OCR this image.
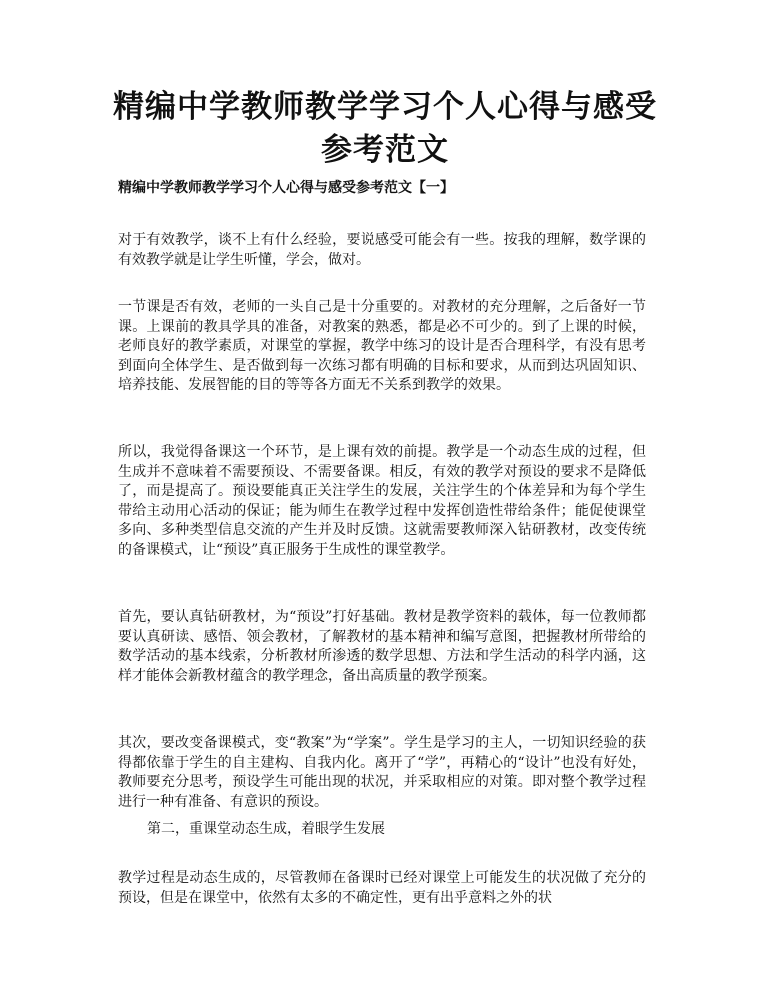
精编中学教师教学学习个人心得与感受
参考范文

精编中学教师教学学习个人心得与感受参考范文【一】

对于有效教学，谈不上有什么经验，要说感受可能会有一些。按我的理解，数学课的有效教学就是让学生听懂，学会，做对。

一节课是否有效，老师的一头自己是十分重要的。对教材的充分理解，之后备好一节课。上课前的教具学具的准备，对教案的熟悉，都是必不可少的。到了上课的时候，老师良好的教学素质，对课堂的掌握，教学中练习的设计是否合理科学，有没有思考到面向全体学生、是否做到每一次练习都有明确的目标和要求，从而到达巩固知识、培养技能、发展智能的目的等等各方面无不关系到教学的效果。

所以，我觉得备课这一个环节，是上课有效的前提。教学是一个动态生成的过程，但生成并不意味着不需要预设、不需要备课。相反，有效的教学对预设的要求不是降低了，而是提高了。预设要能真正关注学生的发展，关注学生的个体差异和为每个学生带给主动用心活动的保证；能为师生在教学过程中发挥创造性带给条件；能促使课堂多向、多种类型信息交流的产生并及时反馈。这就需要教师深入钻研教材，改变传统的备课模式，让“预设”真正服务于生成性的课堂教学。

首先，要认真钻研教材，为“预设”打好基础。教材是教学资料的载体，每一位教师都要认真研读、感悟、领会教材，了解教材的基本精神和编写意图，把握教材所带给的数学活动的基本线索，分析教材所渗透的数学思想、方法和学生活动的科学内涵，这样才能体会新教材蕴含的教学理念，备出高质量的教学预案。

其次，要改变备课模式，变“教案”为“学案”。学生是学习的主人，一切知识经验的获得都依靠于学生的自主建构、自我内化。离开了“学”，再精心的“设计”也没有好处，教师要充分思考，预设学生可能出现的状况，并采取相应的对策。即对整个教学过程进行一种有准备、有意识的预设。

第二，重课堂动态生成，着眼学生发展

教学过程是动态生成的，尽管教师在备课时已经对课堂上可能发生的状况做了充分的预设，但是在课堂中，依然有太多的不确定性，更有出乎意料之外的状
